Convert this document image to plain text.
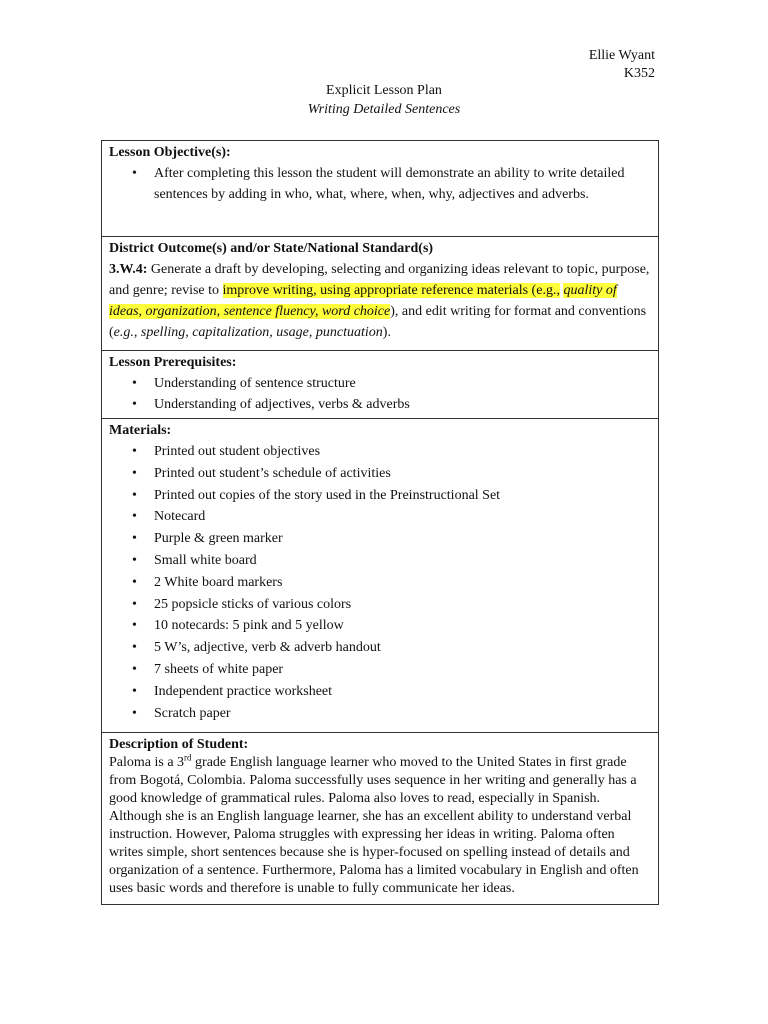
Ellie Wyant
K352
Explicit Lesson Plan
Writing Detailed Sentences
Lesson Objective(s):
• After completing this lesson the student will demonstrate an ability to write detailed sentences by adding in who, what, where, when, why, adjectives and adverbs.

District Outcome(s) and/or State/National Standard(s)
3.W.4: Generate a draft by developing, selecting and organizing ideas relevant to topic, purpose, and genre; revise to improve writing, using appropriate reference materials (e.g., quality of ideas, organization, sentence fluency, word choice), and edit writing for format and conventions (e.g., spelling, capitalization, usage, punctuation).

Lesson Prerequisites:
• Understanding of sentence structure
• Understanding of adjectives, verbs & adverbs

Materials:
• Printed out student objectives
• Printed out student’s schedule of activities
• Printed out copies of the story used in the Preinstructional Set
• Notecard
• Purple & green marker
• Small white board
• 2 White board markers
• 25 popsicle sticks of various colors
• 10 notecards: 5 pink and 5 yellow
• 5 W’s, adjective, verb & adverb handout
• 7 sheets of white paper
• Independent practice worksheet
• Scratch paper

Description of Student:
Paloma is a 3rd grade English language learner who moved to the United States in first grade from Bogotá, Colombia. Paloma successfully uses sequence in her writing and generally has a good knowledge of grammatical rules. Paloma also loves to read, especially in Spanish. Although she is an English language learner, she has an excellent ability to understand verbal instruction. However, Paloma struggles with expressing her ideas in writing. Paloma often writes simple, short sentences because she is hyper-focused on spelling instead of details and organization of a sentence. Furthermore, Paloma has a limited vocabulary in English and often uses basic words and therefore is unable to fully communicate her ideas.
